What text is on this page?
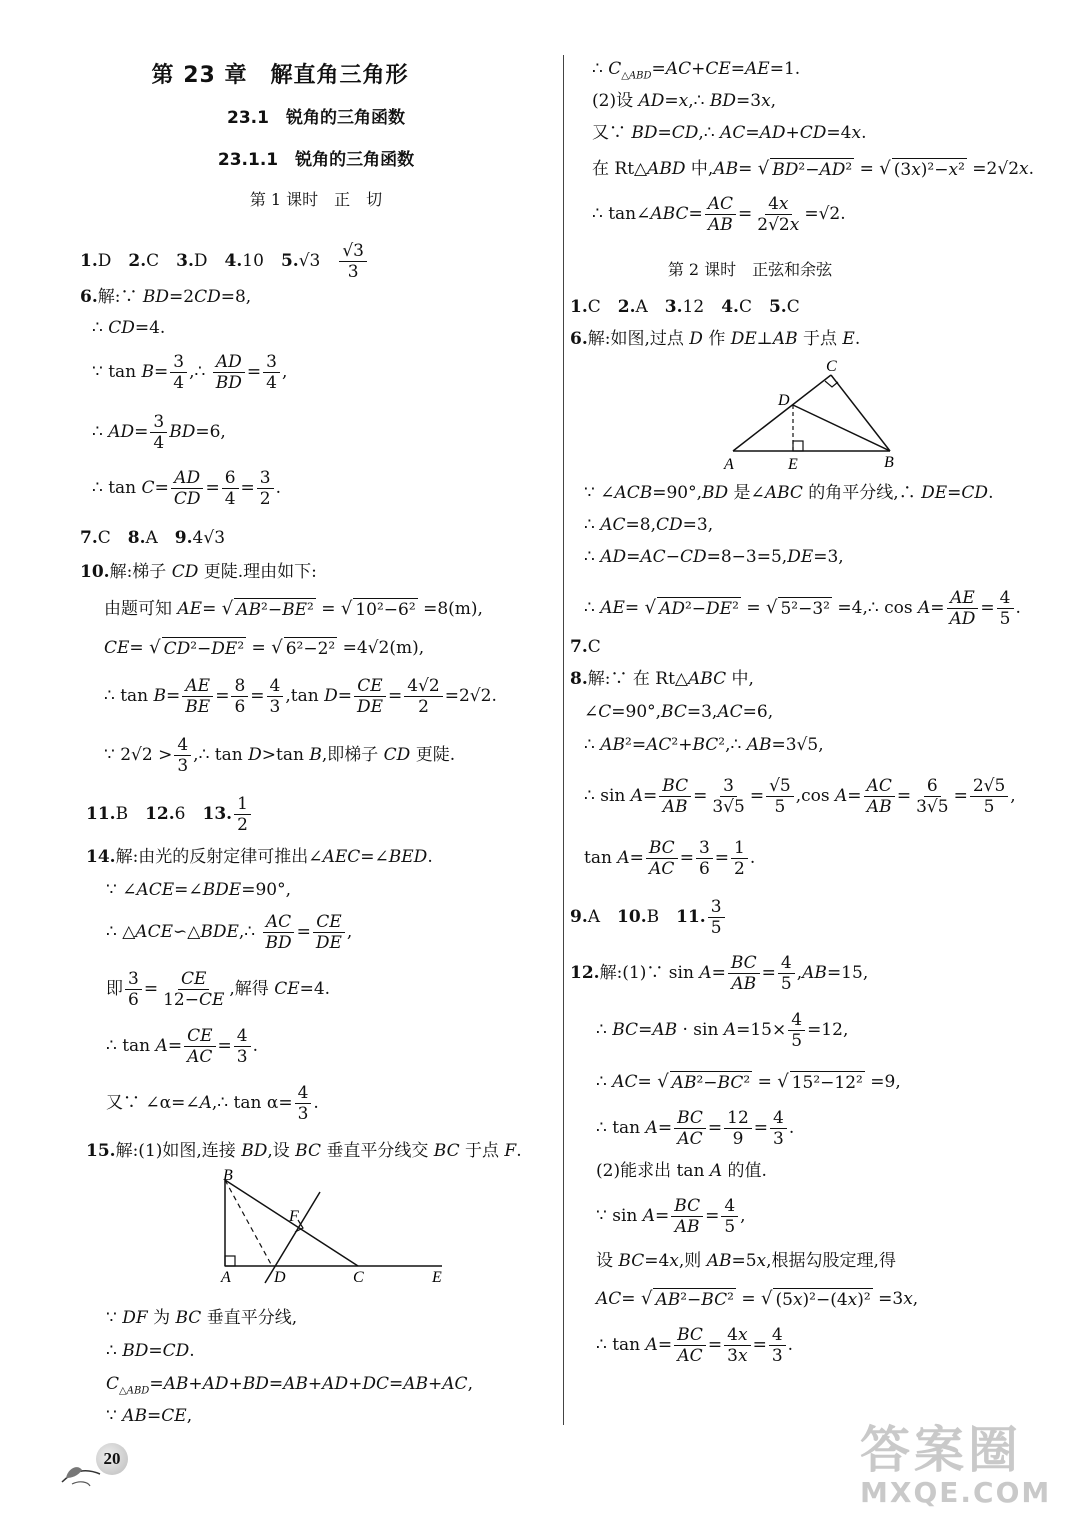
第 23 章　解直角三角形
23.1　锐角的三角函数
23.1.1　锐角的三角函数
第 1 课时　正　切
1.D　2.C　3.D　4.10　5.√3　 $\frac{√3}{3}$
6.解:∵ BD=2CD=8,
∴ CD=4.
∵ $\tan B= \frac{3}{4}$ ,∴ $\frac{AD}{BD} = \frac{3}{4}$ ,
∴ $AD= \frac{3}{4} BD=6$,
∴ $\tan C= \frac{AD}{CD} = \frac{6}{4} = \frac{3}{2}$ .
7.C　8.A　9.4√3
10.解:梯子 CD 更陡.理由如下:
由题可知 AE= √ AB²−BE² = √ 10²−6² =8(m),
CE= √ CD²−DE² = √ 6²−2² =4√2(m),
∴ $\tan B= \frac{AE}{BE} = \frac{8}{6} = \frac{4}{3} ,\tan$ $D= \frac{CE}{DE} = \frac{4√2}{2} =2√2$.
∵ $2√2 > \frac{4}{3}$ ,∴ tan D>tan B,即梯子 CD 更陡.
11.B　12.6　13. $\frac{1}{2}$
14.解:由光的反射定律可推出∠AEC=∠BED.
∵ ∠ACE=∠BDE=90°,
∴ △ACE∽△BDE,∴ $\frac{AC}{BD} = \frac{CE}{DE}$ ,
即 $\frac{3}{6} = \frac{CE}{12-CE}$ ,解得 CE=4.
∴ $\tan A= \frac{CE}{AC} = \frac{4}{3}$ .
又∵ ∠α=∠A,∴ $\tan \alpha= \frac{4}{3}$ .
15.解:(1)如图,连接 BD,设 BC 垂直平分线交 BC 于点 F.
B
A	D	C	E
F
∵ DF 为 BC 垂直平分线,
∴ BD=CD.
$C_{\triangle ABD}=AB+AD+BD=AB+AD+DC=AB+AC$,
∵ AB=CE,
∴ $C_{\triangle ABD}=AC+CE=AE=1$.
(2)设 AD=x,∴ BD=3x,
又∵ BD=CD,∴ AC=AD+CD=4x.
在 Rt△ABD 中,AB= √ BD²−AD² = √ (3x)²−x² =2√2x.
∴ tan∠ABC= $\frac{AC}{AB} = \frac{4x}{2√2x} =√2$.
第 2 课时　正弦和余弦
1.C　2.A　3.12　4.C　5.C
6.解:如图,过点 D 作 DE⊥AB 于点 E.
C
D
A	E	B
∵ ∠ACB=90°,BD 是∠ABC 的角平分线,∴ DE=CD.
∴ AC=8,CD=3,
∴ AD=AC−CD=8−3=5,DE=3,
∴ AE= √ AD²−DE² = √ 5²−3² =4,∴ $\cos A= \frac{AE}{AD} = \frac{4}{5}$ .
7.C
8.解:∵ 在 Rt△ABC 中,
∠C=90°,BC=3,AC=6,
∴ AB²=AC²+BC²,∴ AB=3√5,
∴ $\sin A= \frac{BC}{AB} = \frac{3}{3√5} = \frac{√5}{5} ,\cos$ $A= \frac{AC}{AB} = \frac{6}{3√5} = \frac{2√5}{5}$ ,
$\tan A= \frac{BC}{AC} = \frac{3}{6} = \frac{1}{2}$ .
9.A　10.B　11. $\frac{3}{5}$
12.解:(1)∵ $\sin A= \frac{BC}{AB} = \frac{4}{5} ,AB=15$,
∴ $BC=AB \cdot \sin A=15\times \frac{4}{5} =12$,
∴ AC= √ AB²−BC² = √ 15²−12² =9,
∴ $\tan A= \frac{BC}{AC} = \frac{12}{9} = \frac{4}{3}$ .
(2)能求出 tan A 的值.
∵ $\sin A= \frac{BC}{AB} = \frac{4}{5}$ ,
设 BC=4x,则 AB=5x,根据勾股定理,得
AC= √ AB²−BC² = √ (5x)²−(4x)² =3x,
∴ $\tan A= \frac{BC}{AC} = \frac{4x}{3x} = \frac{4}{3}$ .
20	答案圈
MXQE.COM
